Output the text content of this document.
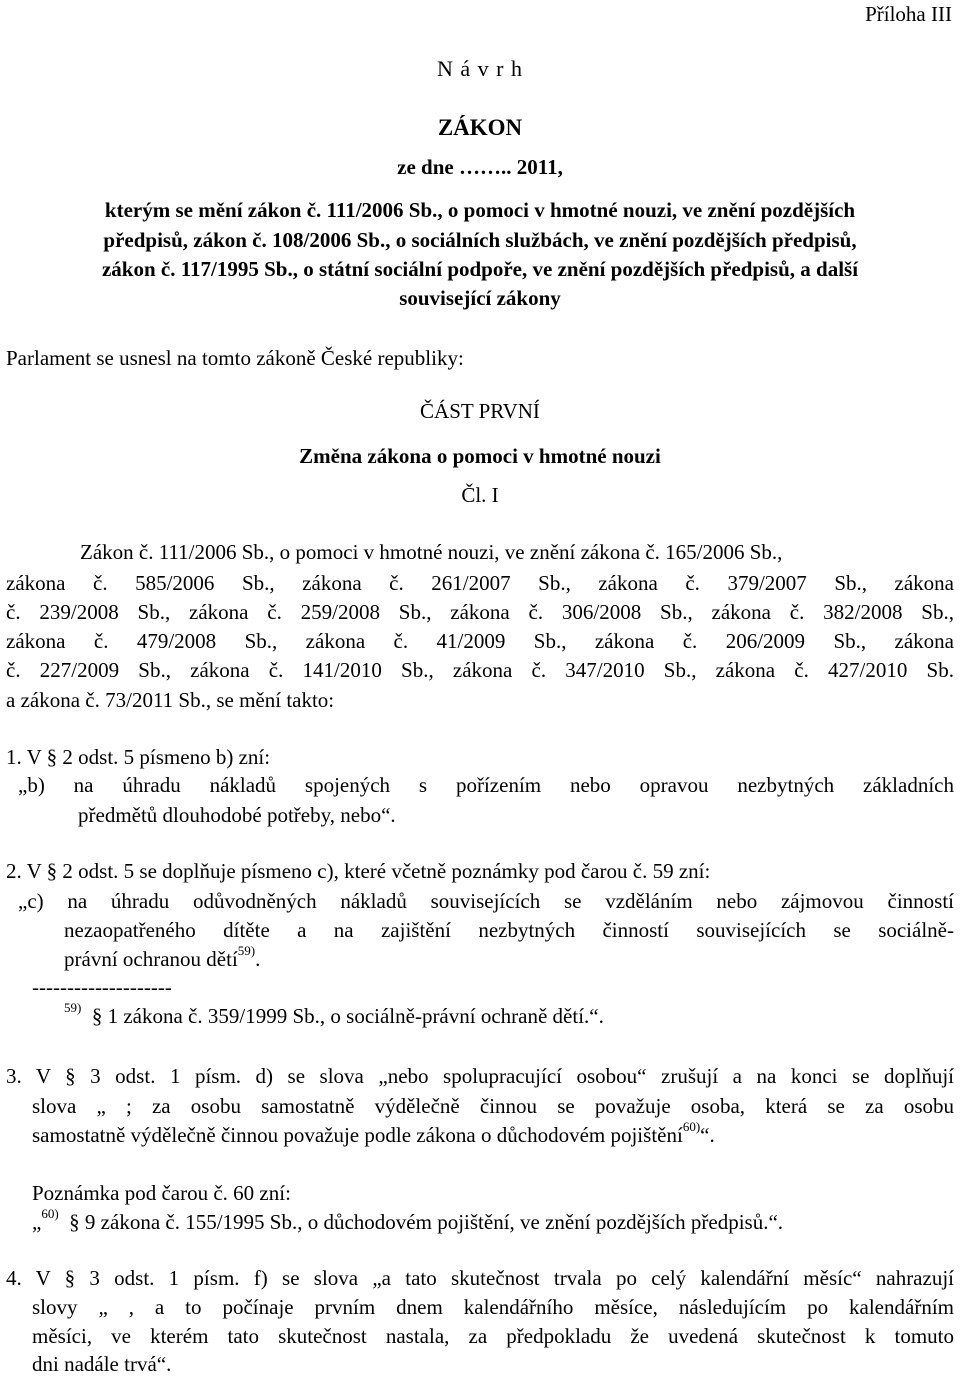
Příloha III
N á v r h
ZÁKON
ze dne …….. 2011,
kterým se mění zákon č. 111/2006 Sb., o pomoci v hmotné nouzi, ve znění pozdějších
předpisů, zákon č. 108/2006 Sb., o sociálních službách, ve znění pozdějších předpisů,
zákon č. 117/1995 Sb., o státní sociální podpoře, ve znění pozdějších předpisů, a další
související zákony
Parlament se usnesl na tomto zákoně České republiky:
ČÁST PRVNÍ
Změna zákona o pomoci v hmotné nouzi
Čl. I
Zákon č. 111/2006 Sb., o pomoci v hmotné nouzi, ve znění zákona č. 165/2006 Sb.,
zákona č. 585/2006 Sb., zákona č. 261/2007 Sb., zákona č. 379/2007 Sb., zákona
č. 239/2008 Sb., zákona č. 259/2008 Sb., zákona č. 306/2008 Sb., zákona č. 382/2008 Sb.,
zákona č. 479/2008 Sb., zákona č. 41/2009 Sb., zákona č. 206/2009 Sb., zákona
č. 227/2009 Sb., zákona č. 141/2010 Sb., zákona č. 347/2010 Sb., zákona č. 427/2010 Sb.
a zákona č. 73/2011 Sb., se mění takto:
1. V § 2 odst. 5 písmeno b) zní:
„b) na úhradu nákladů spojených s pořízením nebo opravou nezbytných základních
předmětů dlouhodobé potřeby, nebo“.
2. V § 2 odst. 5 se doplňuje písmeno c), které včetně poznámky pod čarou č. 59 zní:
„c) na úhradu odůvodněných nákladů souvisejících se vzděláním nebo zájmovou činností
nezaopatřeného dítěte a na zajištění nezbytných činností souvisejících se sociálně-
právní ochranou dětí$^{59)}$.
--------------------
$^{59)}$ § 1 zákona č. 359/1999 Sb., o sociálně-právní ochraně dětí.“.
3. V § 3 odst. 1 písm. d) se slova „nebo spolupracující osobou“ zrušují a na konci se doplňují
slova „ ; za osobu samostatně výdělečně činnou se považuje osoba, která se za osobu
samostatně výdělečně činnou považuje podle zákona o důchodovém pojištění$^{60)}$“.
Poznámka pod čarou č. 60 zní:
„$^{60)}$ § 9 zákona č. 155/1995 Sb., o důchodovém pojištění, ve znění pozdějších předpisů.“.
4. V § 3 odst. 1 písm. f) se slova „a tato skutečnost trvala po celý kalendářní měsíc“ nahrazují
slovy „ , a to počínaje prvním dnem kalendářního měsíce, následujícím po kalendářním
měsíci, ve kterém tato skutečnost nastala, za předpokladu že uvedená skutečnost k tomuto
dni nadále trvá“.
